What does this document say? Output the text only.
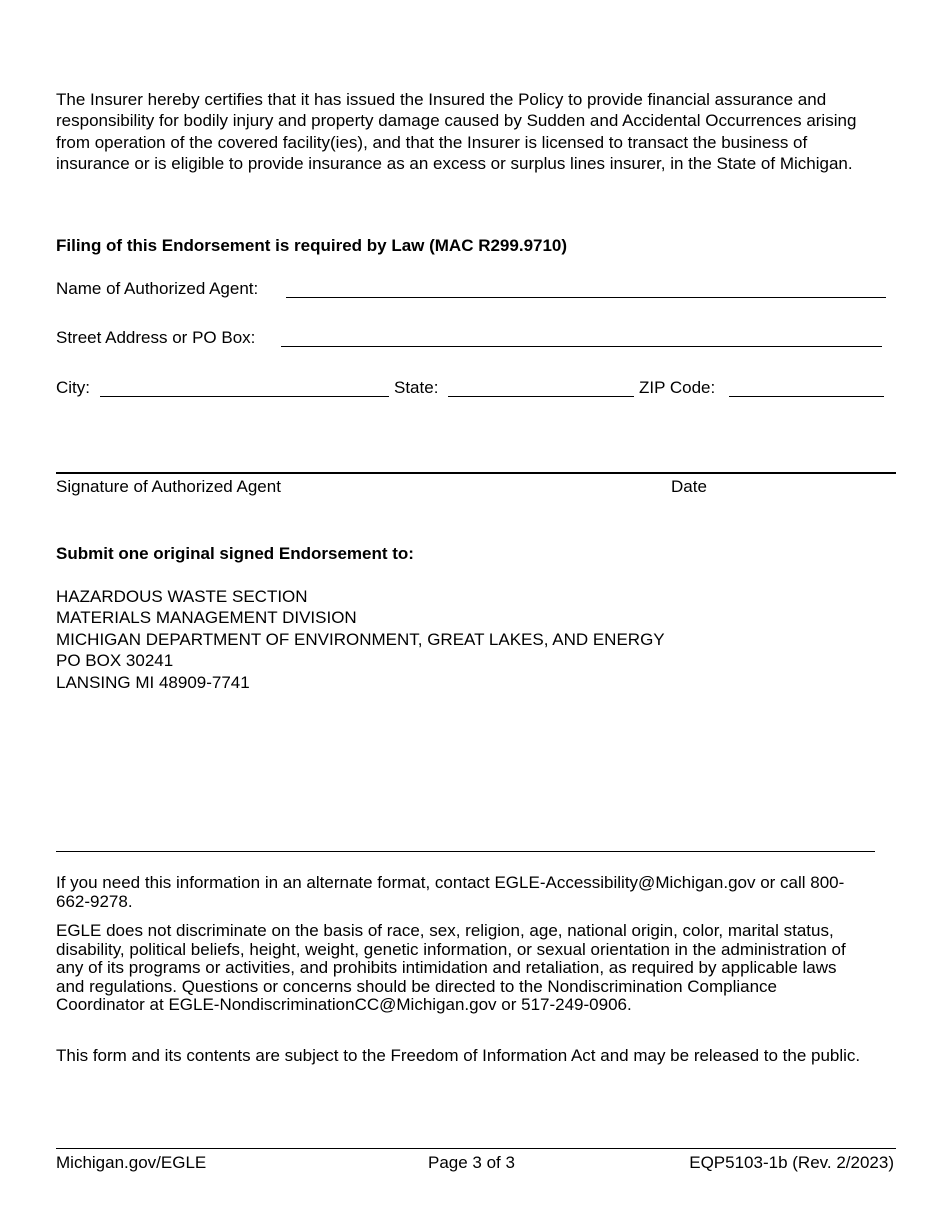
The Insurer hereby certifies that it has issued the Insured the Policy to provide financial assurance and responsibility for bodily injury and property damage caused by Sudden and Accidental Occurrences arising from operation of the covered facility(ies), and that the Insurer is licensed to transact the business of insurance or is eligible to provide insurance as an excess or surplus lines insurer, in the State of Michigan.

Filing of this Endorsement is required by Law (MAC R299.9710)
Name of Authorized Agent:
Street Address or PO Box:
City:	State:	ZIP Code:
Signature of Authorized Agent	Date
Submit one original signed Endorsement to:
HAZARDOUS WASTE SECTION
MATERIALS MANAGEMENT DIVISION
MICHIGAN DEPARTMENT OF ENVIRONMENT, GREAT LAKES, AND ENERGY
PO BOX 30241
LANSING MI 48909-7741

If you need this information in an alternate format, contact EGLE-Accessibility@Michigan.gov or call 800-662-9278.

EGLE does not discriminate on the basis of race, sex, religion, age, national origin, color, marital status, disability, political beliefs, height, weight, genetic information, or sexual orientation in the administration of any of its programs or activities, and prohibits intimidation and retaliation, as required by applicable laws and regulations. Questions or concerns should be directed to the Nondiscrimination Compliance Coordinator at EGLE-NondiscriminationCC@Michigan.gov or 517-249-0906.

This form and its contents are subject to the Freedom of Information Act and may be released to the public.

Michigan.gov/EGLE	Page 3 of 3	EQP5103-1b (Rev. 2/2023)
